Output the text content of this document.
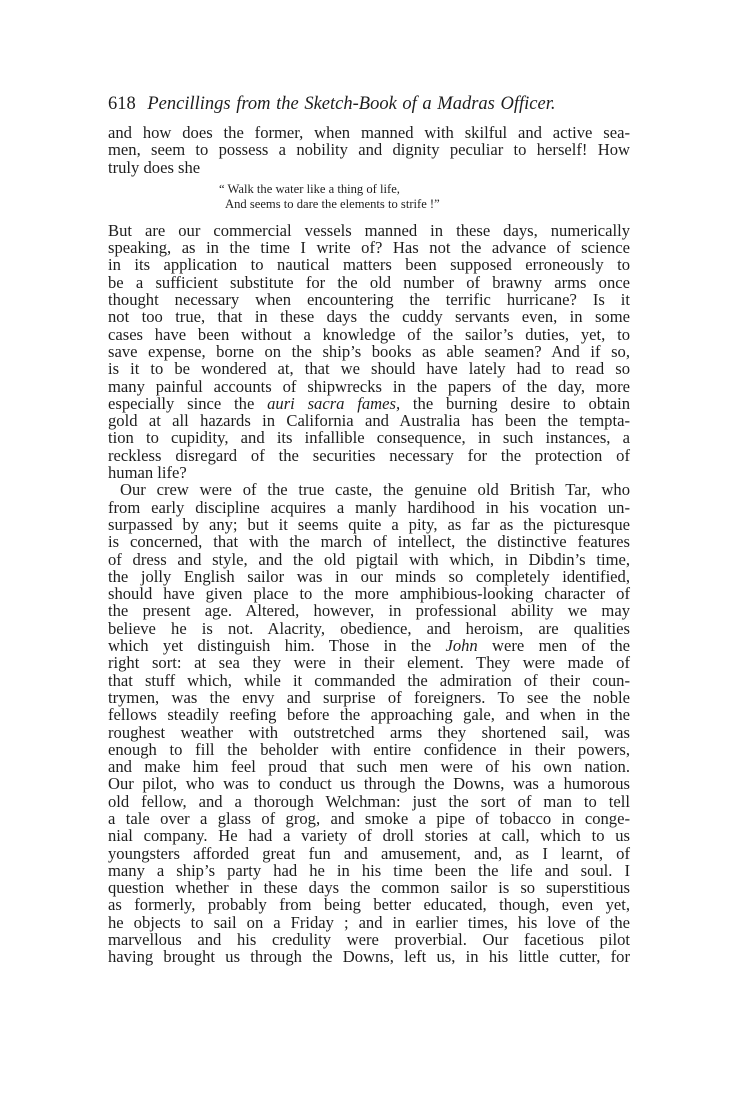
618 Pencillings from the Sketch-Book of a Madras Officer.

and how does the former, when manned with skilful and active sea-
men, seem to possess a nobility and dignity peculiar to herself! How
truly does she

“ Walk the water like a thing of life,
And seems to dare the elements to strife !”

But are our commercial vessels manned in these days, numerically
speaking, as in the time I write of? Has not the advance of science
in its application to nautical matters been supposed erroneously to
be a sufficient substitute for the old number of brawny arms once
thought necessary when encountering the terrific hurricane? Is it
not too true, that in these days the cuddy servants even, in some
cases have been without a knowledge of the sailor’s duties, yet, to
save expense, borne on the ship’s books as able seamen? And if so,
is it to be wondered at, that we should have lately had to read so
many painful accounts of shipwrecks in the papers of the day, more
especially since the auri sacra fames, the burning desire to obtain
gold at all hazards in California and Australia has been the tempta-
tion to cupidity, and its infallible consequence, in such instances, a
reckless disregard of the securities necessary for the protection of
human life?

Our crew were of the true caste, the genuine old British Tar, who
from early discipline acquires a manly hardihood in his vocation un-
surpassed by any; but it seems quite a pity, as far as the picturesque
is concerned, that with the march of intellect, the distinctive features
of dress and style, and the old pigtail with which, in Dibdin’s time,
the jolly English sailor was in our minds so completely identified,
should have given place to the more amphibious-looking character of
the present age. Altered, however, in professional ability we may
believe he is not. Alacrity, obedience, and heroism, are qualities
which yet distinguish him. Those in the John were men of the
right sort: at sea they were in their element. They were made of
that stuff which, while it commanded the admiration of their coun-
trymen, was the envy and surprise of foreigners. To see the noble
fellows steadily reefing before the approaching gale, and when in the
roughest weather with outstretched arms they shortened sail, was
enough to fill the beholder with entire confidence in their powers,
and make him feel proud that such men were of his own nation.
Our pilot, who was to conduct us through the Downs, was a humorous
old fellow, and a thorough Welchman: just the sort of man to tell
a tale over a glass of grog, and smoke a pipe of tobacco in conge-
nial company. He had a variety of droll stories at call, which to us
youngsters afforded great fun and amusement, and, as I learnt, of
many a ship’s party had he in his time been the life and soul. I
question whether in these days the common sailor is so superstitious
as formerly, probably from being better educated, though, even yet,
he objects to sail on a Friday ; and in earlier times, his love of the
marvellous and his credulity were proverbial. Our facetious pilot
having brought us through the Downs, left us, in his little cutter, for
